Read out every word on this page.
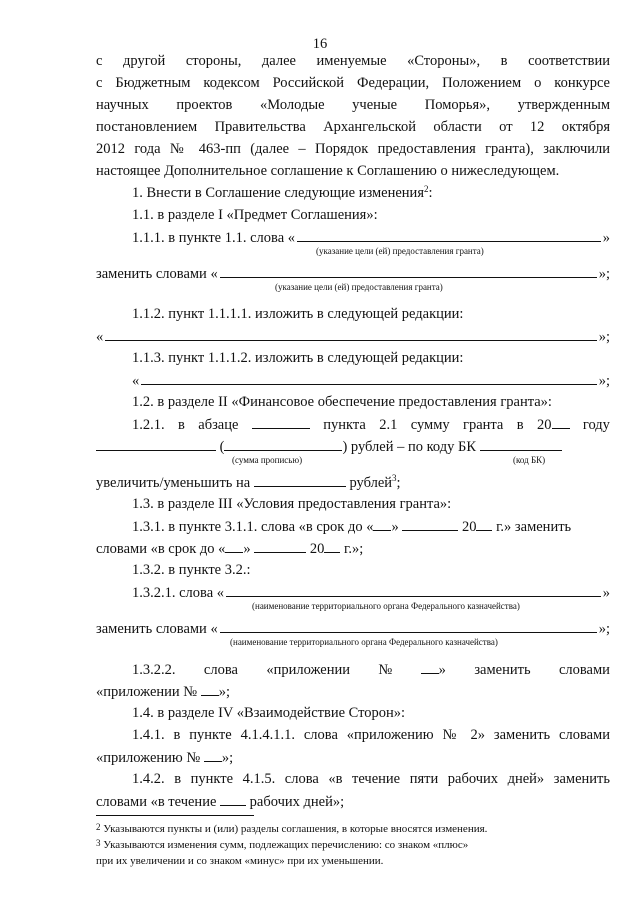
16
с другой стороны, далее именуемые «Стороны», в соответствии
с Бюджетным кодексом Российской Федерации, Положением о конкурсе
научных проектов «Молодые ученые Поморья», утвержденным
постановлением Правительства Архангельской области от 12 октября
2012 года № 463-пп (далее – Порядок предоставления гранта), заключили
настоящее Дополнительное соглашение к Соглашению о нижеследующем.
1. Внести в Соглашение следующие изменения$^2$:
1.1. в разделе I «Предмет Соглашения»:
1.1.1. в пункте 1.1. слова «	»
(указание цели (ей) предоставления гранта)
заменить словами «	»;
(указание цели (ей) предоставления гранта)
1.1.2. пункт 1.1.1.1. изложить в следующей редакции:
«	»;
1.1.3. пункт 1.1.1.2. изложить в следующей редакции:
«	»;
1.2. в разделе II «Финансовое обеспечение предоставления гранта»:
1.2.1. в абзаце	пункта 2.1 сумму гранта в 20	году
(	) рублей – по коду БК
(сумма прописью)	(код БК)
увеличить/уменьшить на	рублей$^3$;
1.3. в разделе III «Условия предоставления гранта»:
1.3.1. в пункте 3.1.1. слова «в срок до « »	20 г.» заменить
словами «в срок до « »	20 г.»;
1.3.2. в пункте 3.2.:
1.3.2.1. слова «	»
(наименование территориального органа Федерального казначейства)
заменить словами «	»;
(наименование территориального органа Федерального казначейства)
1.3.2.2. слова «приложении №	» заменить словами
«приложении № »;
1.4. в разделе IV «Взаимодействие Сторон»:
1.4.1. в пункте 4.1.4.1.1. слова «приложению № 2» заменить словами
«приложению № »;
1.4.2. в пункте 4.1.5. слова «в течение пяти рабочих дней» заменить
словами «в течение рабочих дней»;
$^2$ Указываются пункты и (или) разделы соглашения, в которые вносятся изменения.
$^3$ Указываются изменения сумм, подлежащих перечислению: со знаком «плюс»
при их увеличении и со знаком «минус» при их уменьшении.
